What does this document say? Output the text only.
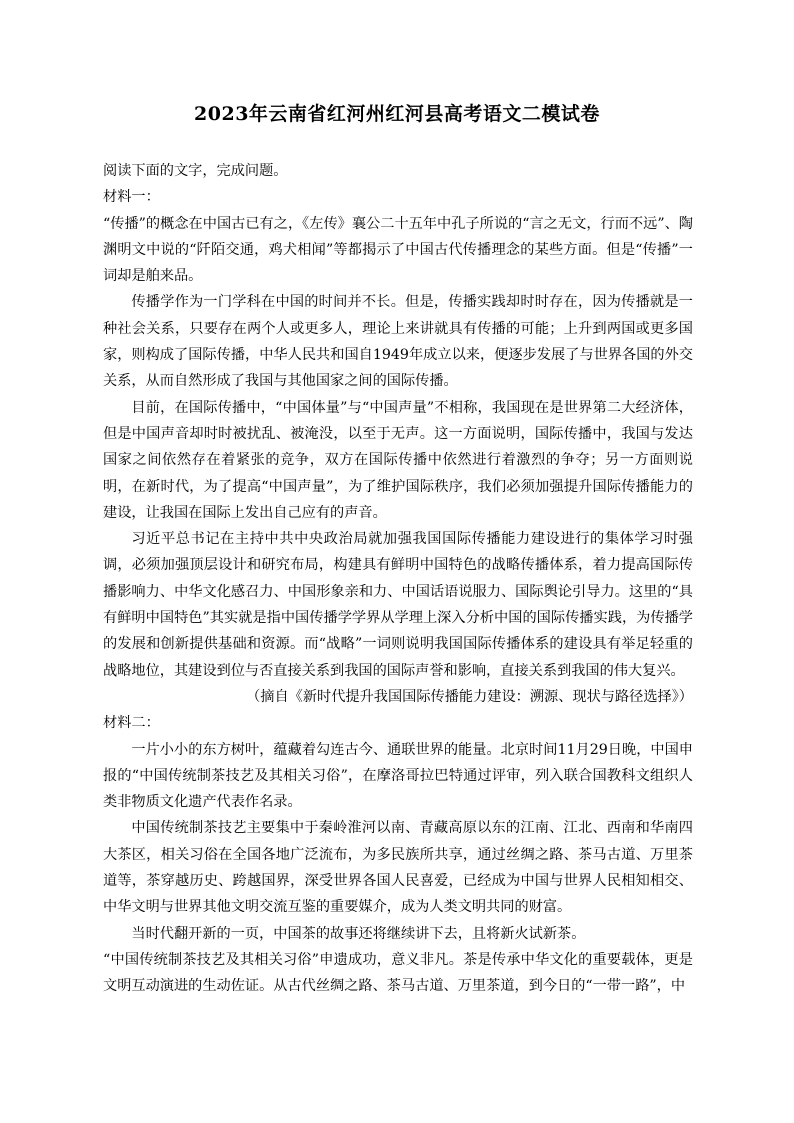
2023年云南省红河州红河县高考语文二模试卷

阅读下面的文字，完成问题。

材料一：

“传播”的概念在中国古已有之，《左传》襄公二十五年中孔子所说的“言之无文，行而不远”、陶渊明文中说的“阡陌交通，鸡犬相闻”等都揭示了中国古代传播理念的某些方面。但是“传播”一词却是舶来品。

传播学作为一门学科在中国的时间并不长。但是，传播实践却时时存在，因为传播就是一种社会关系，只要存在两个人或更多人，理论上来讲就具有传播的可能；上升到两国或更多国家，则构成了国际传播，中华人民共和国自1949年成立以来，便逐步发展了与世界各国的外交关系，从而自然形成了我国与其他国家之间的国际传播。

目前，在国际传播中，“中国体量”与“中国声量”不相称，我国现在是世界第二大经济体，但是中国声音却时时被扰乱、被淹没，以至于无声。这一方面说明，国际传播中，我国与发达国家之间依然存在着紧张的竞争，双方在国际传播中依然进行着激烈的争夺；另一方面则说明，在新时代，为了提高“中国声量”，为了维护国际秩序，我们必须加强提升国际传播能力的建设，让我国在国际上发出自己应有的声音。

习近平总书记在主持中共中央政治局就加强我国国际传播能力建设进行的集体学习时强调，必须加强顶层设计和研究布局，构建具有鲜明中国特色的战略传播体系，着力提高国际传播影响力、中华文化感召力、中国形象亲和力、中国话语说服力、国际舆论引导力。这里的“具有鲜明中国特色”其实就是指中国传播学学界从学理上深入分析中国的国际传播实践，为传播学的发展和创新提供基础和资源。而“战略”一词则说明我国国际传播体系的建设具有举足轻重的战略地位，其建设到位与否直接关系到我国的国际声誉和影响，直接关系到我国的伟大复兴。

（摘自《新时代提升我国国际传播能力建设：溯源、现状与路径选择》）

材料二：

一片小小的东方树叶，蕴藏着勾连古今、通联世界的能量。北京时间11月29日晚，中国申报的“中国传统制茶技艺及其相关习俗”，在摩洛哥拉巴特通过评审，列入联合国教科文组织人类非物质文化遗产代表作名录。

中国传统制茶技艺主要集中于秦岭淮河以南、青藏高原以东的江南、江北、西南和华南四大茶区，相关习俗在全国各地广泛流布，为多民族所共享，通过丝绸之路、茶马古道、万里茶道等，茶穿越历史、跨越国界，深受世界各国人民喜爱，已经成为中国与世界人民相知相交、中华文明与世界其他文明交流互鉴的重要媒介，成为人类文明共同的财富。

当时代翻开新的一页，中国茶的故事还将继续讲下去，且将新火试新茶。

“中国传统制茶技艺及其相关习俗”申遗成功，意义非凡。茶是传承中华文化的重要载体，更是文明互动演进的生动佐证。从古代丝绸之路、茶马古道、万里茶道，到今日的“一带一路”，中
